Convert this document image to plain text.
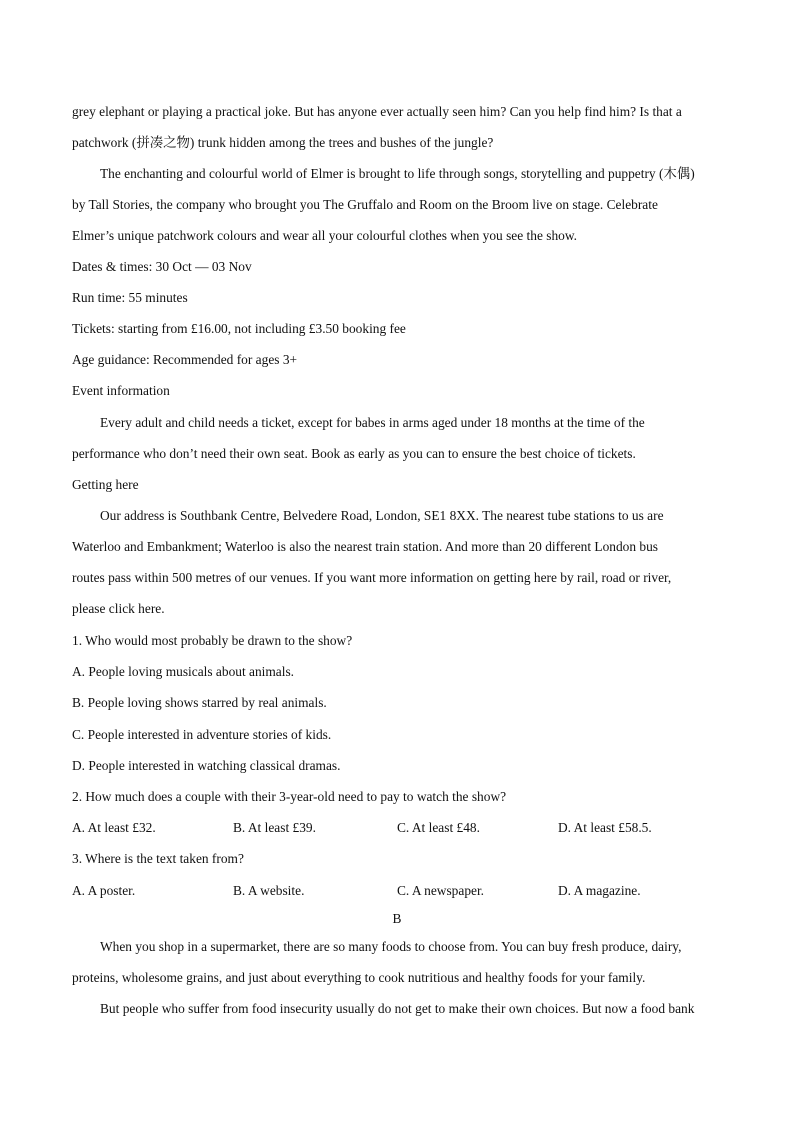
grey elephant or playing a practical joke. But has anyone ever actually seen him? Can you help find him? Is that a
patchwork (拼凑之物) trunk hidden among the trees and bushes of the jungle?
The enchanting and colourful world of Elmer is brought to life through songs, storytelling and puppetry (木偶)
by Tall Stories, the company who brought you The Gruffalo and Room on the Broom live on stage. Celebrate
Elmer’s unique patchwork colours and wear all your colourful clothes when you see the show.
Dates & times: 30 Oct — 03 Nov
Run time: 55 minutes
Tickets: starting from £16.00, not including £3.50 booking fee
Age guidance: Recommended for ages 3+
Event information
Every adult and child needs a ticket, except for babes in arms aged under 18 months at the time of the
performance who don’t need their own seat. Book as early as you can to ensure the best choice of tickets.
Getting here
Our address is Southbank Centre, Belvedere Road, London, SE1 8XX. The nearest tube stations to us are
Waterloo and Embankment; Waterloo is also the nearest train station. And more than 20 different London bus
routes pass within 500 metres of our venues. If you want more information on getting here by rail, road or river,
please click here.
1. Who would most probably be drawn to the show?
A. People loving musicals about animals.
B. People loving shows starred by real animals.
C. People interested in adventure stories of kids.
D. People interested in watching classical dramas.
2. How much does a couple with their 3-year-old need to pay to watch the show?
A. At least £32.	B. At least £39.	C. At least £48.	D. At least £58.5.
3. Where is the text taken from?
A. A poster.	B. A website.	C. A newspaper.	D. A magazine.
B
When you shop in a supermarket, there are so many foods to choose from. You can buy fresh produce, dairy,
proteins, wholesome grains, and just about everything to cook nutritious and healthy foods for your family.
But people who suffer from food insecurity usually do not get to make their own choices. But now a food bank
